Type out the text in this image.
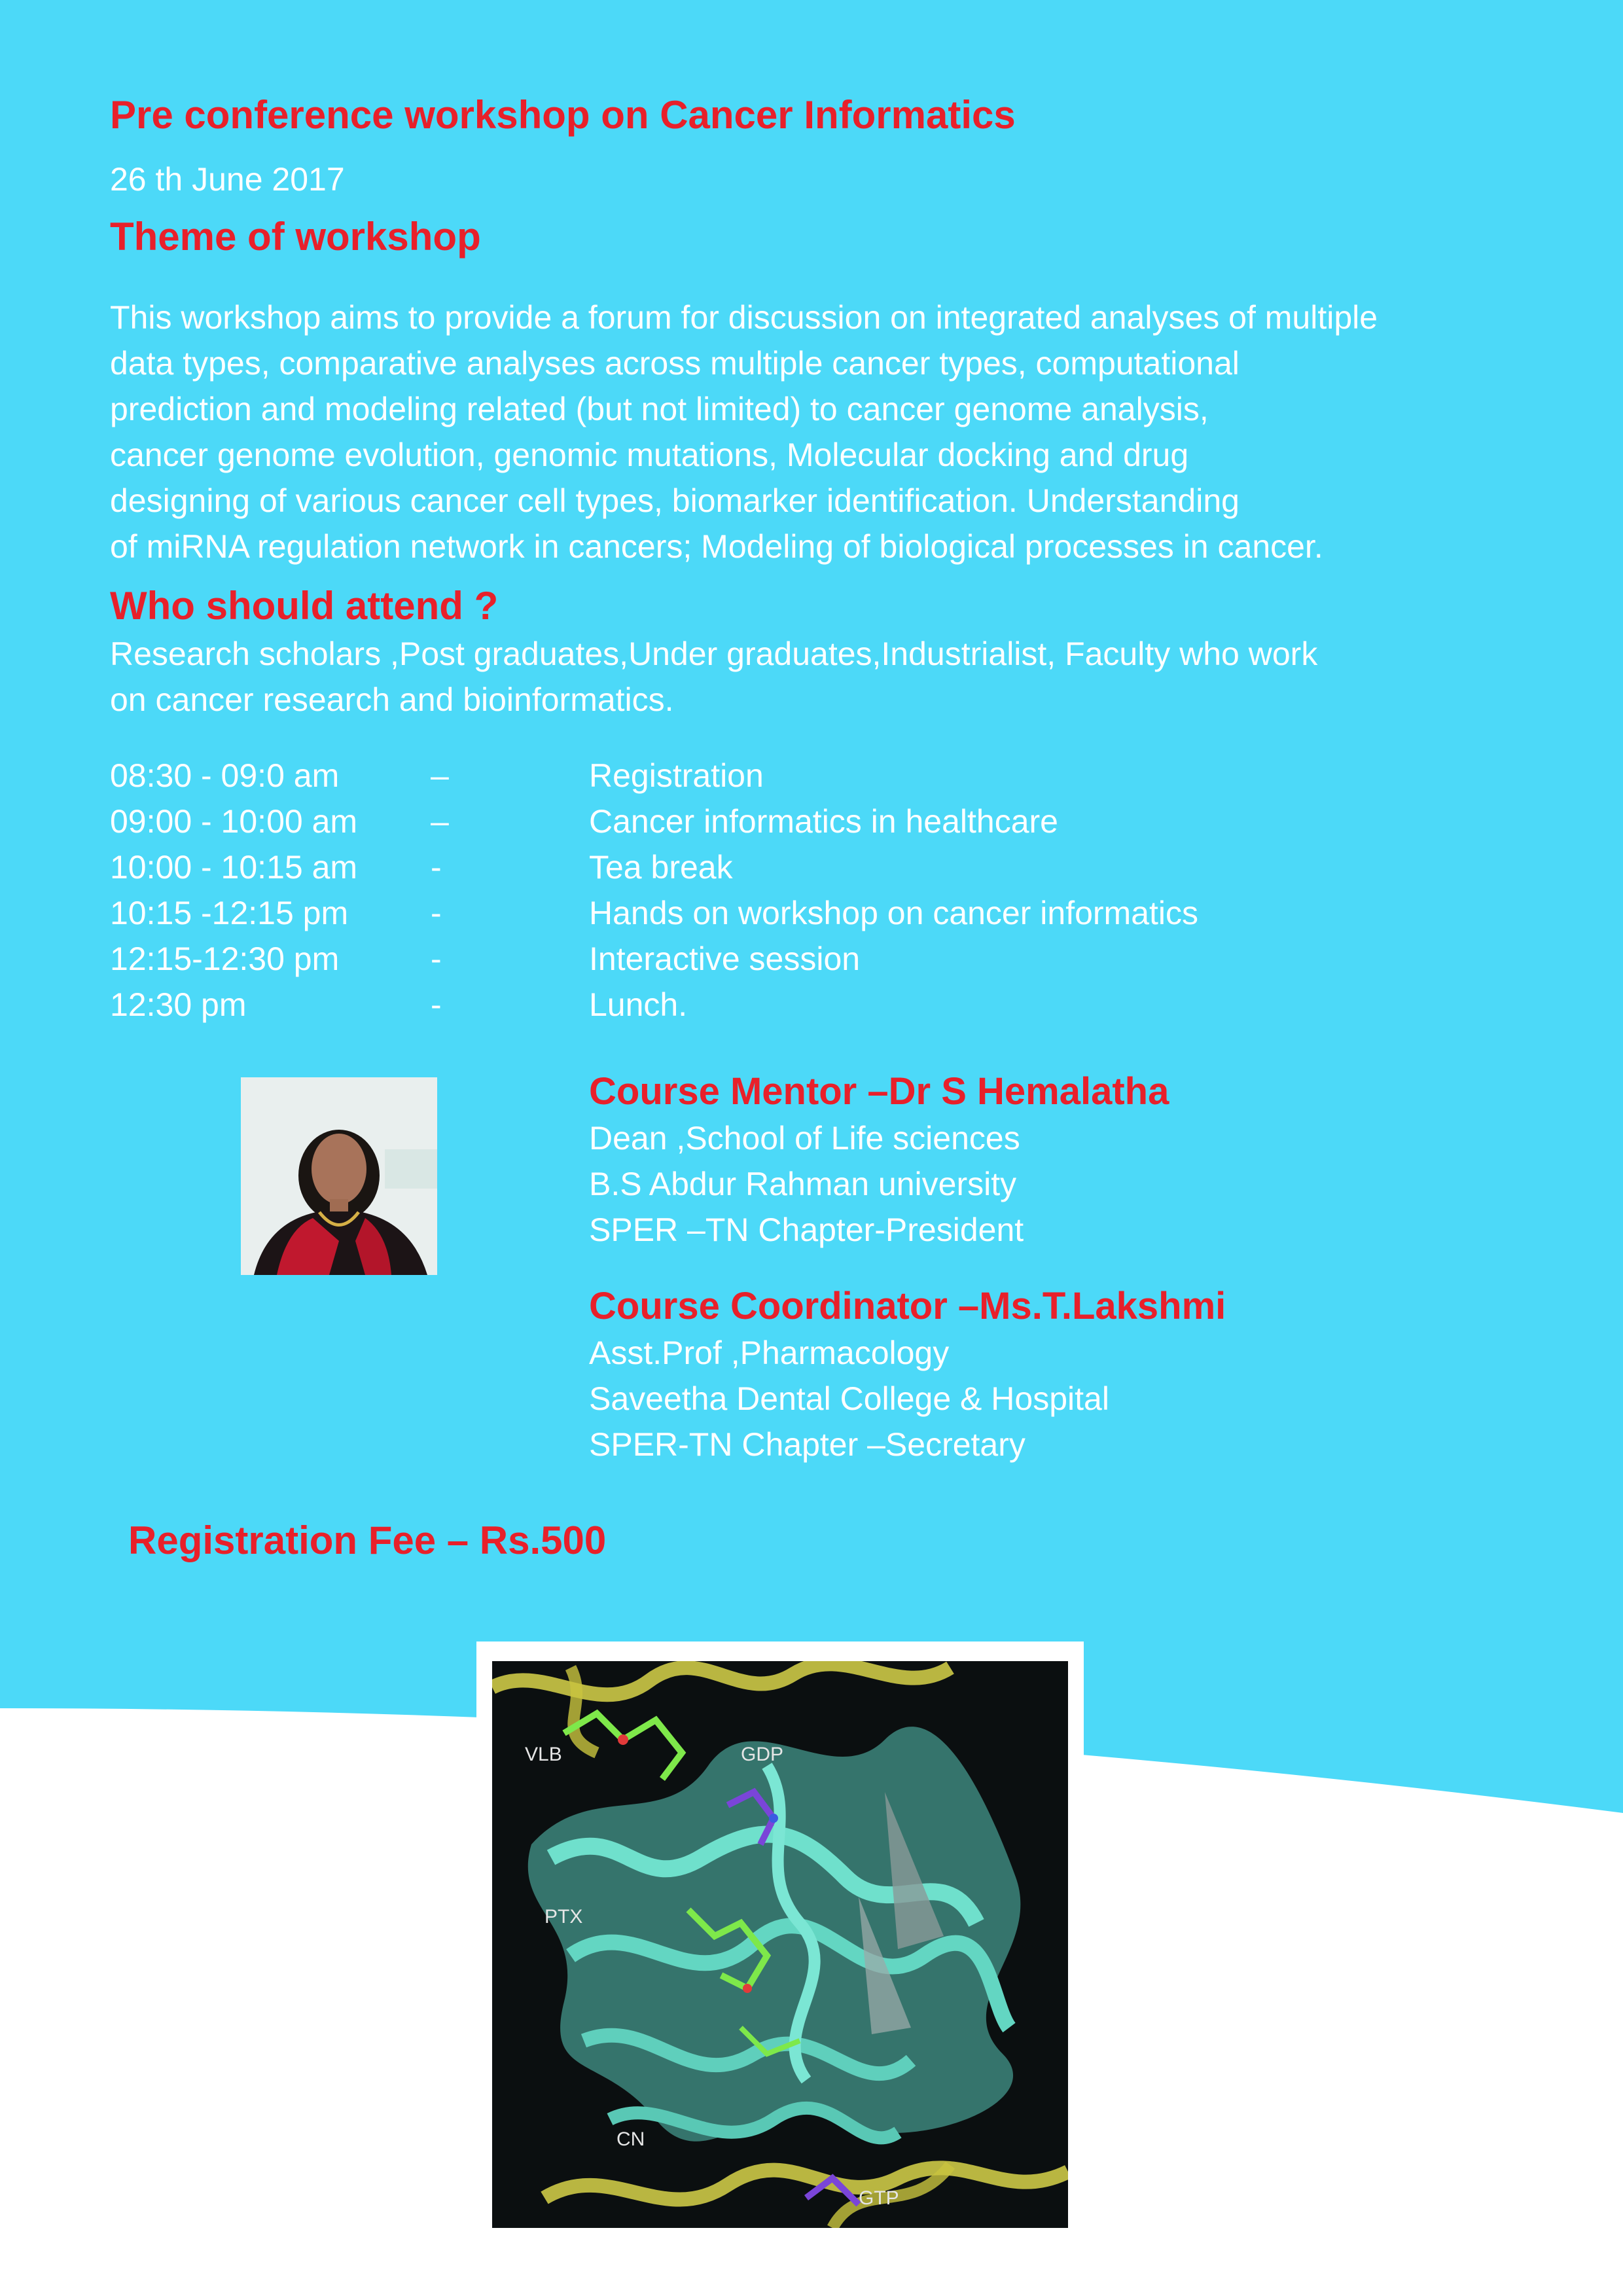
Pre conference workshop on Cancer Informatics
26 th June 2017
Theme of workshop
This workshop aims to provide a forum for discussion on integrated analyses of multiple
data types, comparative analyses across multiple cancer types, computational
prediction and modeling related (but not limited) to cancer genome analysis,
cancer genome evolution, genomic mutations, Molecular docking and drug
designing of various cancer cell types, biomarker identification. Understanding
of miRNA regulation network in cancers; Modeling of biological processes in cancer.
Who should attend ?
Research scholars ,Post graduates,Under graduates,Industrialist, Faculty who work
on cancer research and bioinformatics.
08:30 - 09:0 am	–	Registration
09:00 - 10:00 am –	Cancer informatics in healthcare
10:00 - 10:15 am -	Tea break
10:15 -12:15 pm	-	Hands on workshop on cancer informatics
12:15-12:30 pm	-	Interactive session
12:30 pm	-	Lunch.
Course Mentor –Dr S Hemalatha
Dean ,School of Life sciences
B.S Abdur Rahman university
SPER –TN Chapter-President
Course Coordinator –Ms.T.Lakshmi
Asst.Prof ,Pharmacology
Saveetha Dental College & Hospital
SPER-TN Chapter –Secretary
Registration Fee – Rs.500
VLB	GDP
PTX
CN
GTP
